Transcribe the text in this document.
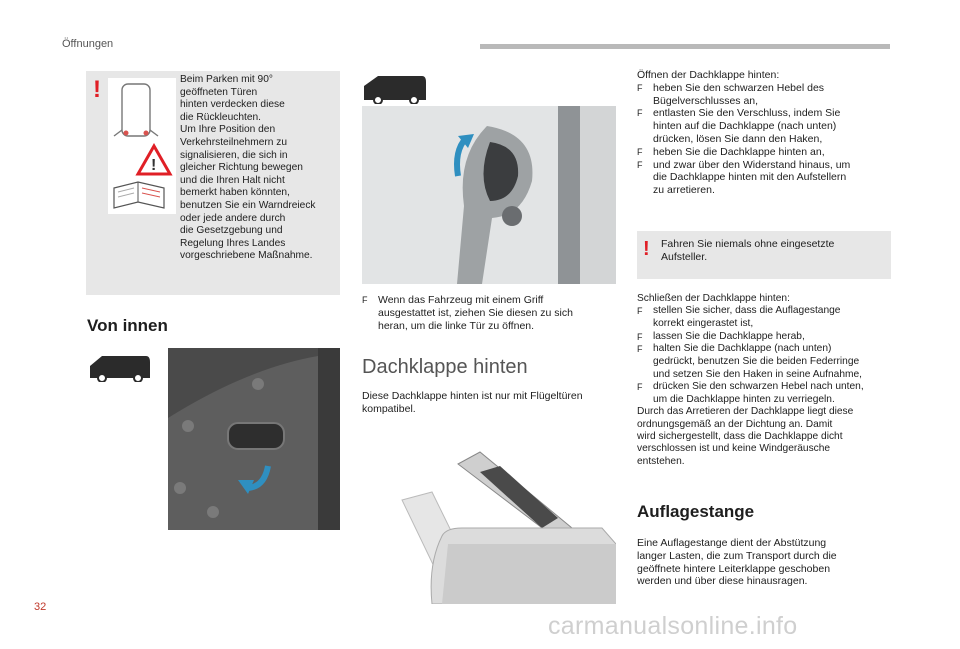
Öffnungen
!
!
Beim Parken mit 90°
geöffneten Türen
hinten verdecken diese
die Rückleuchten.
Um Ihre Position den
Verkehrsteilnehmern zu
signalisieren, die sich in
gleicher Richtung bewegen
und die Ihren Halt nicht
bemerkt haben könnten,
benutzen Sie ein Warndreieck
oder jede andere durch
die Gesetzgebung und
Regelung Ihres Landes
vorgeschriebene Maßnahme.
Von innen
F	Wenn das Fahrzeug mit einem Griff
ausgestattet ist, ziehen Sie diesen zu sich
heran, um die linke Tür zu öffnen.
Dachklappe hinten
Diese Dachklappe hinten ist nur mit Flügeltüren
kompatibel.
Öffnen der Dachklappe hinten:
F	heben Sie den schwarzen Hebel des
Bügelverschlusses an,
F	entlasten Sie den Verschluss, indem Sie
hinten auf die Dachklappe (nach unten)
drücken, lösen Sie dann den Haken,
F	heben Sie die Dachklappe hinten an,
F	und zwar über den Widerstand hinaus, um
die Dachklappe hinten mit den Aufstellern
zu arretieren.
! Fahren Sie niemals ohne eingesetzte
Aufsteller.
Schließen der Dachklappe hinten:
F	stellen Sie sicher, dass die Auflagestange
korrekt eingerastet ist,
F	lassen Sie die Dachklappe herab,
F	halten Sie die Dachklappe (nach unten)
gedrückt, benutzen Sie die beiden Federringe
und setzen Sie den Haken in seine Aufnahme,
F	drücken Sie den schwarzen Hebel nach unten,
um die Dachklappe hinten zu verriegeln.
Durch das Arretieren der Dachklappe liegt diese
ordnungsgemäß an der Dichtung an. Damit
wird sichergestellt, dass die Dachklappe dicht
verschlossen ist und keine Windgeräusche
entstehen.
Auflagestange
Eine Auflagestange dient der Abstützung
langer Lasten, die zum Transport durch die
geöffnete hintere Leiterklappe geschoben
werden und über diese hinausragen.
32
carmanualsonline.info
